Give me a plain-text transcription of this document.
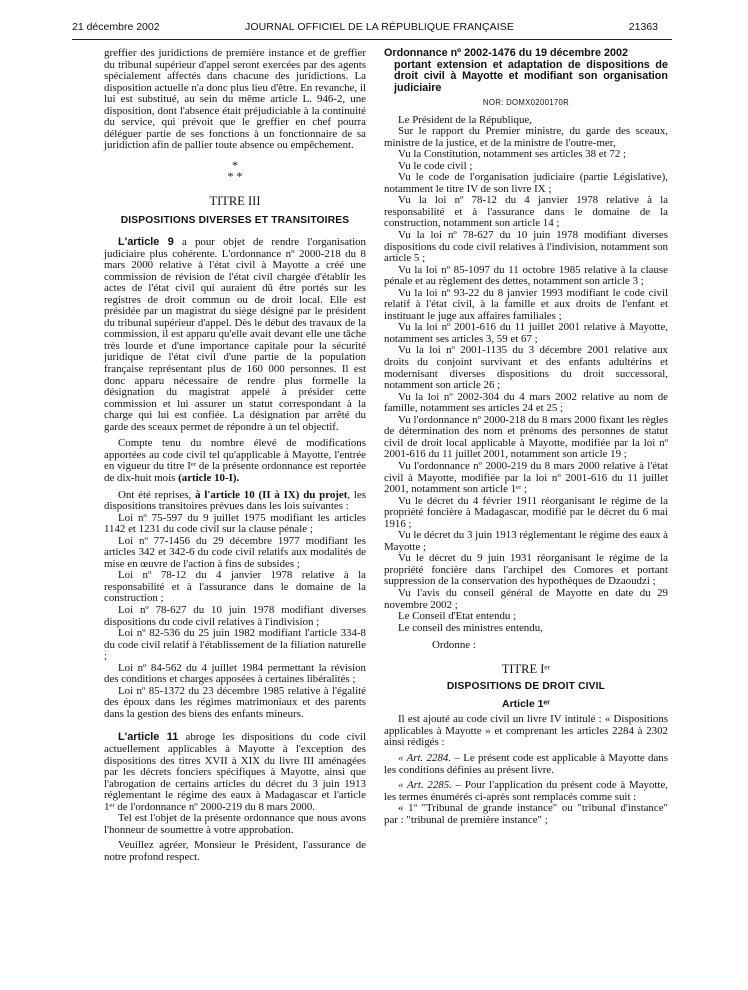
21 décembre 2002	JOURNAL OFFICIEL DE LA RÉPUBLIQUE FRANÇAISE	21363

greffier des juridictions de première instance et de greffier du tribunal supérieur d'appel seront exercées par des agents spécialement affectés dans chacune des juridictions. La disposition actuelle n'a donc plus lieu d'être. En revanche, il lui est substitué, au sein du même article L. 946-2, une disposition, dont l'absence était préjudiciable à la continuité du service, qui prévoit que le greffier en chef pourra déléguer partie de ses fonctions à un fonctionnaire de sa juridiction afin de pallier toute absence ou empêchement.

*
* *
TITRE III
DISPOSITIONS DIVERSES ET TRANSITOIRES

L'article 9 a pour objet de rendre l'organisation judiciaire plus cohérente. L'ordonnance nº 2000-218 du 8 mars 2000 relative à l'état civil à Mayotte a créé une commission de révision de l'état civil chargée d'établir les actes de l'état civil qui auraient dû être portés sur les registres de droit commun ou de droit local. Elle est présidée par un magistrat du siège désigné par le président du tribunal supérieur d'appel. Dès le début des travaux de la commission, il est apparu qu'elle avait devant elle une tâche très lourde et d'une importance capitale pour la sécurité juridique de l'état civil d'une partie de la population française représentant plus de 160 000 personnes. Il est donc apparu nécessaire de rendre plus formelle la désignation du magistrat appelé à présider cette commission et lui assurer un statut correspondant à la charge qui lui est confiée. La désignation par arrêté du garde des sceaux permet de répondre à un tel objectif.

Compte tenu du nombre élevé de modifications apportées au code civil tel qu'applicable à Mayotte, l'entrée en vigueur du titre Iᵉʳ de la présente ordonnance est reportée de dix-huit mois (article 10-I).

Ont été reprises, à l'article 10 (II à IX) du projet, les dispositions transitoires prévues dans les lois suivantes :

Loi nº 75-597 du 9 juillet 1975 modifiant les articles 1142 et 1231 du code civil sur la clause pénale ;

Loi nº 77-1456 du 29 décembre 1977 modifiant les articles 342 et 342-6 du code civil relatifs aux modalités de mise en œuvre de l'action à fins de subsides ;

Loi nº 78-12 du 4 janvier 1978 relative à la responsabilité et à l'assurance dans le domaine de la construction ;

Loi nº 78-627 du 10 juin 1978 modifiant diverses dispositions du code civil relatives à l'indivision ;

Loi nº 82-536 du 25 juin 1982 modifiant l'article 334-8 du code civil relatif à l'établissement de la filiation naturelle ;

Loi nº 84-562 du 4 juillet 1984 permettant la révision des conditions et charges apposées à certaines libéralités ;

Loi nº 85-1372 du 23 décembre 1985 relative à l'égalité des époux dans les régimes matrimoniaux et des parents dans la gestion des biens des enfants mineurs.

L'article 11 abroge les dispositions du code civil actuellement applicables à Mayotte à l'exception des dispositions des titres XVII à XIX du livre III aménagées par les décrets fonciers spécifiques à Mayotte, ainsi que l'abrogation de certains articles du décret du 3 juin 1913 réglementant le régime des eaux à Madagascar et l'article 1ᵉʳ de l'ordonnance nº 2000-219 du 8 mars 2000.

Tel est l'objet de la présente ordonnance que nous avons l'honneur de soumettre à votre approbation.

Veuillez agréer, Monsieur le Président, l'assurance de notre profond respect.

Ordonnance nº 2002-1476 du 19 décembre 2002
portant extension et adaptation de dispositions de droit civil à Mayotte et modifiant son organisation judiciaire
NOR: DOMX0200170R

Le Président de la République,

Sur le rapport du Premier ministre, du garde des sceaux, ministre de la justice, et de la ministre de l'outre-mer,

Vu la Constitution, notamment ses articles 38 et 72 ;

Vu le code civil ;

Vu le code de l'organisation judiciaire (partie Législative), notamment le titre IV de son livre IX ;

Vu la loi nº 78-12 du 4 janvier 1978 relative à la responsabilité et à l'assurance dans le domaine de la construction, notamment son article 14 ;

Vu la loi nº 78-627 du 10 juin 1978 modifiant diverses dispositions du code civil relatives à l'indivision, notamment son article 5 ;

Vu la loi nº 85-1097 du 11 octobre 1985 relative à la clause pénale et au règlement des dettes, notamment son article 3 ;

Vu la loi nº 93-22 du 8 janvier 1993 modifiant le code civil relatif à l'état civil, à la famille et aux droits de l'enfant et instituant le juge aux affaires familiales ;

Vu la loi nº 2001-616 du 11 juillet 2001 relative à Mayotte, notamment ses articles 3, 59 et 67 ;

Vu la loi nº 2001-1135 du 3 décembre 2001 relative aux droits du conjoint survivant et des enfants adultérins et modernisant diverses dispositions du droit successoral, notamment son article 26 ;

Vu la loi nº 2002-304 du 4 mars 2002 relative au nom de famille, notamment ses articles 24 et 25 ;

Vu l'ordonnance nº 2000-218 du 8 mars 2000 fixant les règles de détermination des nom et prénoms des personnes de statut civil de droit local applicable à Mayotte, modifiée par la loi nº 2001-616 du 11 juillet 2001, notamment son article 19 ;

Vu l'ordonnance nº 2000-219 du 8 mars 2000 relative à l'état civil à Mayotte, modifiée par la loi nº 2001-616 du 11 juillet 2001, notamment son article 1ᵉʳ ;

Vu le décret du 4 février 1911 réorganisant le régime de la propriété foncière à Madagascar, modifié par le décret du 6 mai 1916 ;

Vu le décret du 3 juin 1913 réglementant le régime des eaux à Mayotte ;

Vu le décret du 9 juin 1931 réorganisant le régime de la propriété foncière dans l'archipel des Comores et portant suppression de la conservation des hypothèques de Dzaoudzi ;

Vu l'avis du conseil général de Mayotte en date du 29 novembre 2002 ;

Le Conseil d'Etat entendu ;

Le conseil des ministres entendu,

Ordonne :

TITRE Iᵉʳ
DISPOSITIONS DE DROIT CIVIL
Article 1ᵉʳ

Il est ajouté au code civil un livre IV intitulé : « Dispositions applicables à Mayotte » et comprenant les articles 2284 à 2302 ainsi rédigés :

« Art. 2284. – Le présent code est applicable à Mayotte dans les conditions définies au présent livre.

« Art. 2285. – Pour l'application du présent code à Mayotte, les termes énumérés ci-après sont remplacés comme suit :

« 1º "Tribunal de grande instance" ou "tribunal d'instance" par : "tribunal de première instance" ;
